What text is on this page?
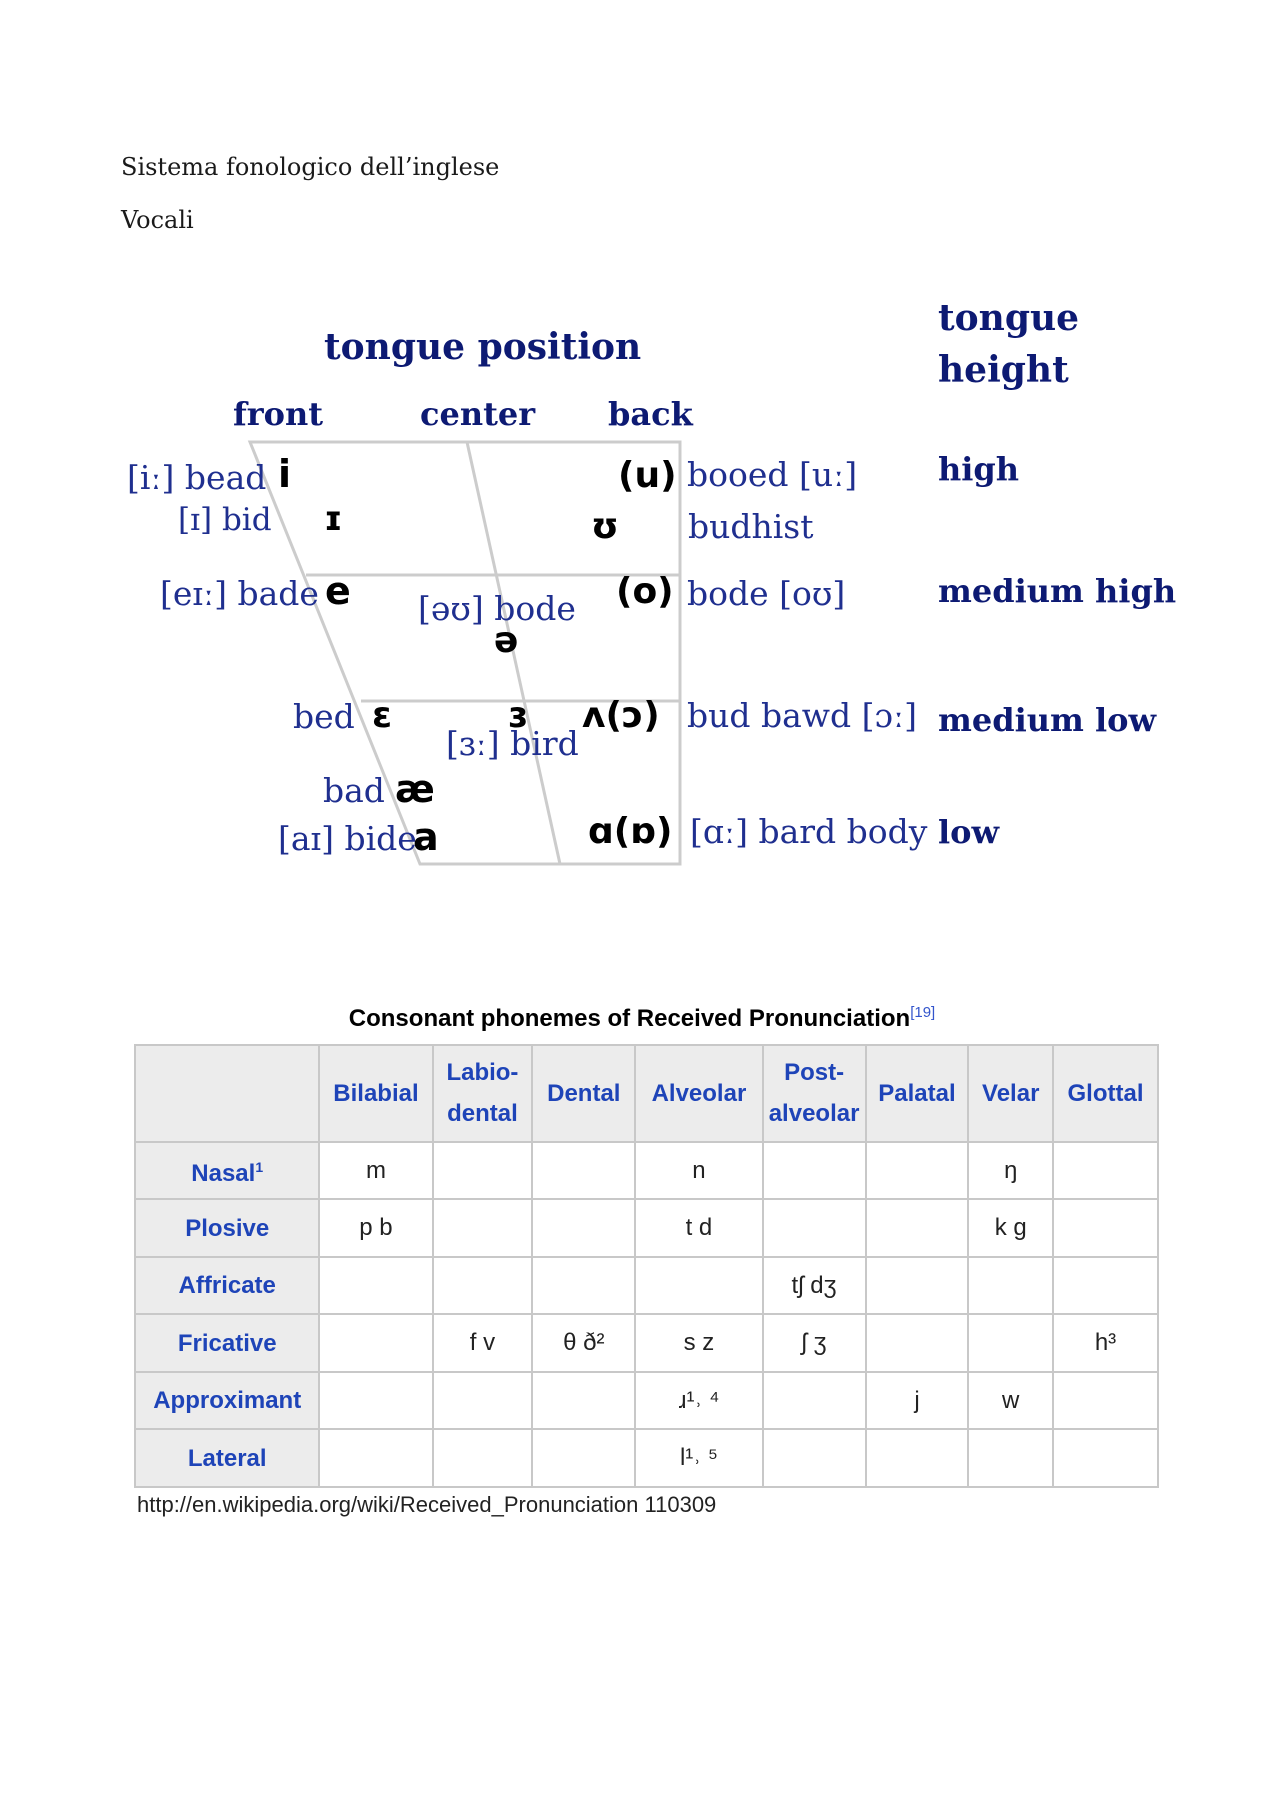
Sistema fonologico dell’inglese
Vocali
tongue position
tongue
height
front	center back
high
medium high
medium low
low
[iː] bead
[ɪ] bid
[eɪː] bade
bed
bad
[aɪ] bide
[əʊ] bode
[ɜː] bird
booed [uː]
budhist
bode [oʊ]
bud bawd [ɔː]
[ɑː] bard body
i
ɪ
e
ɛ
æ
a
ə
ɜ
(u)
ʊ
(o)
ʌ(ɔ)
ɑ(ɒ)
Consonant phonemes of Received Pronunciation[19]
	Bilabial	Labio-
dental	Dental	Alveolar	Post-
alveolar	Palatal	Velar	Glottal
Nasal$^1$	m			n			ŋ	
Plosive	p b			t d			k g	
Affricate					tʃ dʒ			
Fricative		f v	θ ð²	s z	ʃ ʒ			h³
Approximant				ɹ¹˒ ⁴		j	w	
Lateral				l¹˒ ⁵				
http://en.wikipedia.org/wiki/Received_Pronunciation 110309
